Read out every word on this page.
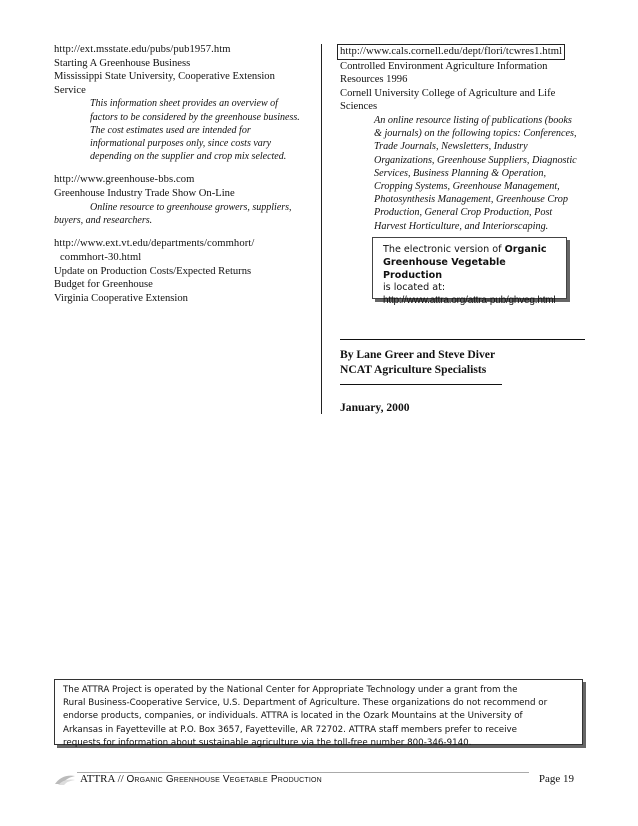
http://ext.msstate.edu/pubs/pub1957.htm
Starting A Greenhouse Business
Mississippi State University, Cooperative Extension
Service
This information sheet provides an overview of
factors to be considered by the greenhouse business.
The cost estimates used are intended for
informational purposes only, since costs vary
depending on the supplier and crop mix selected.
http://www.greenhouse-bbs.com
Greenhouse Industry Trade Show On-Line
Online resource to greenhouse growers, suppliers,
buyers, and researchers.
http://www.ext.vt.edu/departments/commhort/
commhort-30.html
Update on Production Costs/Expected Returns
Budget for Greenhouse
Virginia Cooperative Extension
http://www.cals.cornell.edu/dept/flori/tcwres1.html
Controlled Environment Agriculture Information
Resources 1996
Cornell University College of Agriculture and Life
Sciences
An online resource listing of publications (books
& journals) on the following topics: Conferences,
Trade Journals, Newsletters, Industry
Organizations, Greenhouse Suppliers, Diagnostic
Services, Business Planning & Operation,
Cropping Systems, Greenhouse Management,
Photosynthesis Management, Greenhouse Crop
Production, General Crop Production, Post
Harvest Horticulture, and Interiorscaping.
The electronic version of Organic
Greenhouse Vegetable Production
is located at:
http://www.attra.org/attra-pub/ghveg.html
By Lane Greer and Steve Diver
NCAT Agriculture Specialists
January, 2000
The ATTRA Project is operated by the National Center for Appropriate Technology under a grant from the
Rural Business-Cooperative Service, U.S. Department of Agriculture. These organizations do not recommend or
endorse products, companies, or individuals. ATTRA is located in the Ozark Mountains at the University of
Arkansas in Fayetteville at P.O. Box 3657, Fayetteville, AR 72702. ATTRA staff members prefer to receive
requests for information about sustainable agriculture via the toll-free number 800-346-9140.
ATTRA // Organic Greenhouse Vegetable Production	Page 19
